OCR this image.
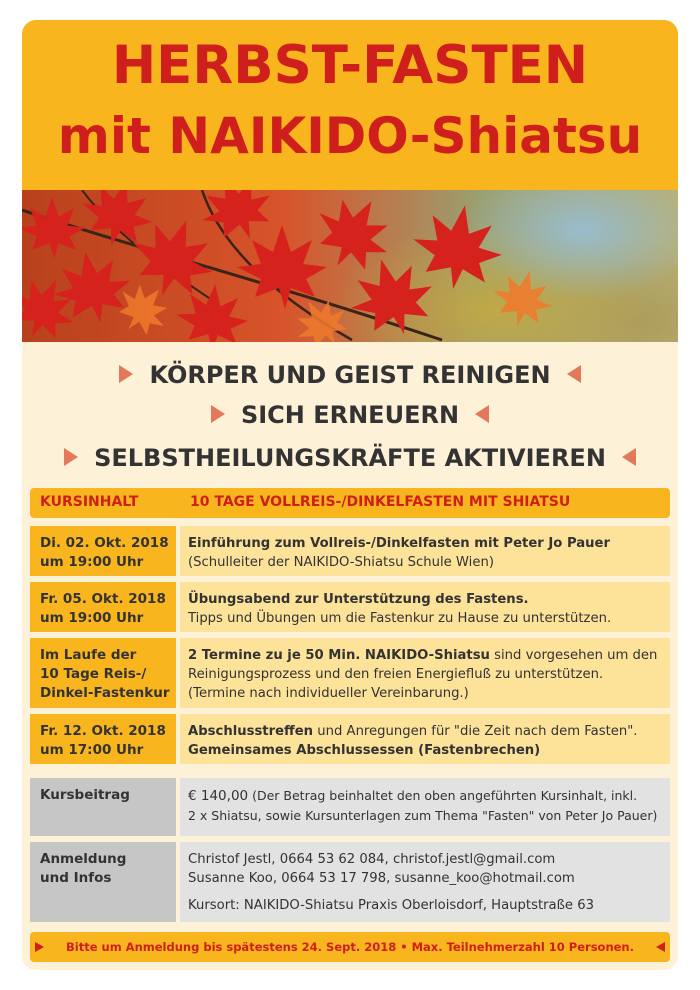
HERBST-FASTEN
mit NAIKIDO-Shiatsu
KÖRPER UND GEIST REINIGEN
SICH ERNEUERN
SELBSTHEILUNGSKRÄFTE AKTIVIEREN
KURSINHALT	10 TAGE VOLLREIS-/DINKELFASTEN MIT SHIATSU
Di. 02. Okt. 2018
um 19:00 Uhr
Einführung zum Vollreis-/Dinkelfasten mit Peter Jo Pauer
(Schulleiter der NAIKIDO-Shiatsu Schule Wien)
Fr. 05. Okt. 2018
um 19:00 Uhr
Übungsabend zur Unterstützung des Fastens.
Tipps und Übungen um die Fastenkur zu Hause zu unterstützen.
Im Laufe der
10 Tage Reis-/
Dinkel-Fastenkur
2 Termine zu je 50 Min. NAIKIDO-Shiatsu sind vorgesehen um den
Reinigungsprozess und den freien Energiefluß zu unterstützen.
(Termine nach individueller Vereinbarung.)
Fr. 12. Okt. 2018
um 17:00 Uhr
Abschlusstreffen und Anregungen für "die Zeit nach dem Fasten".
Gemeinsames Abschlussessen (Fastenbrechen)
Kursbeitrag	€ 140,00 (Der Betrag beinhaltet den oben angeführten Kursinhalt, inkl.
2 x Shiatsu, sowie Kursunterlagen zum Thema "Fasten" von Peter Jo Pauer)
Anmeldung
und Infos
Christof Jestl, 0664 53 62 084, christof.jestl@gmail.com
Susanne Koo, 0664 53 17 798, susanne_koo@hotmail.com
Kursort: NAIKIDO-Shiatsu Praxis Oberloisdorf, Hauptstraße 63
Bitte um Anmeldung bis spätestens 24. Sept. 2018 • Max. Teilnehmerzahl 10 Personen.
